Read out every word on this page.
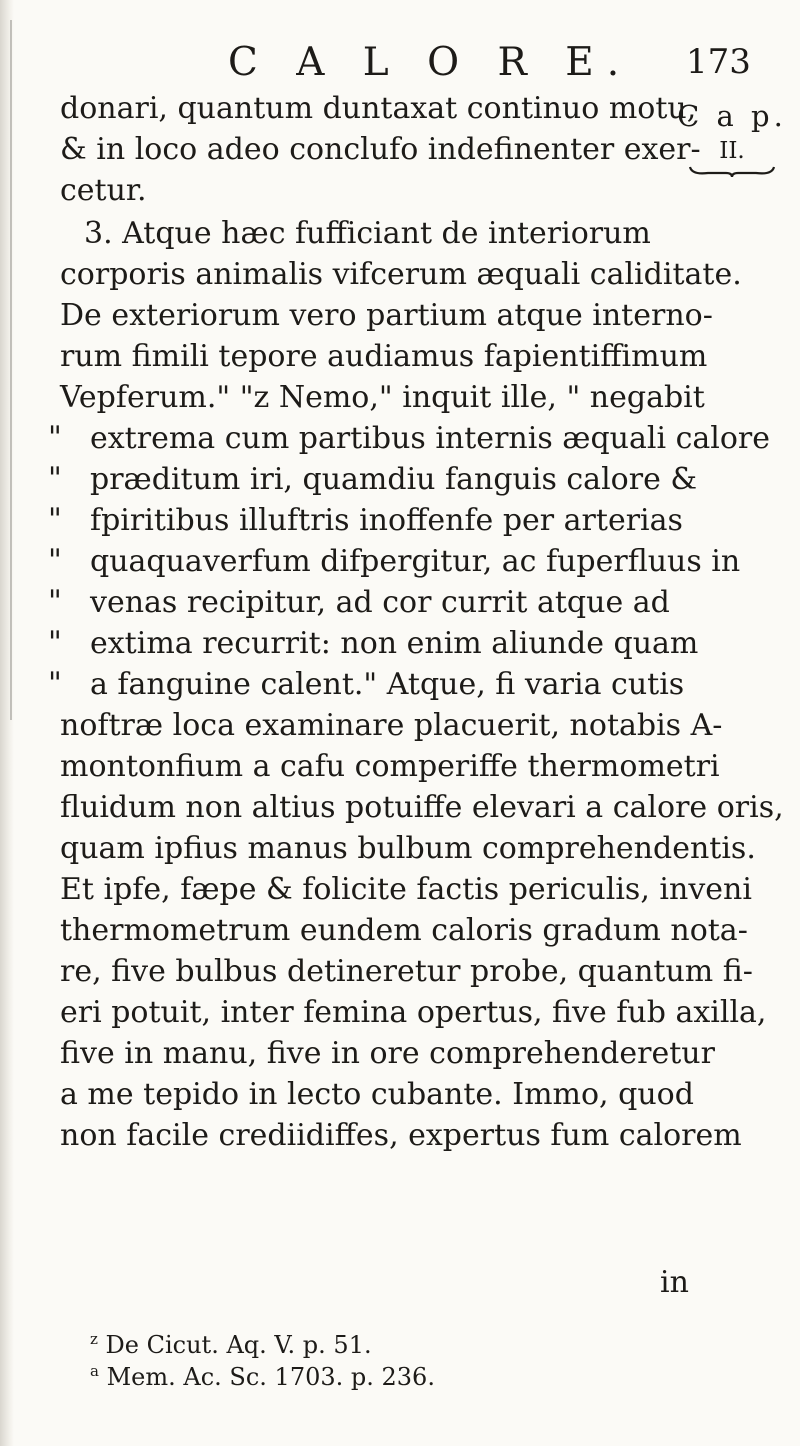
C A L O R E. 173
C a p.
II.
donari, quantum duntaxat continuo motu,
& in loco adeo conclufo indefinenter exer-
cetur.
3. Atque hæc fufficiant de interiorum
corporis animalis vifcerum æquali caliditate.
De exteriorum vero partium atque interno-
rum fimili tepore audiamus fapientiffimum
Vepferum." "z Nemo," inquit ille, " negabit
" extrema cum partibus internis æquali calore
" præditum iri, quamdiu fanguis calore &
" fpiritibus illuftris inoffenfe per arterias
" quaquaverfum difpergitur, ac fuperfluus in
" venas recipitur, ad cor currit atque ad
" extima recurrit: non enim aliunde quam
" a fanguine calent." Atque, fi varia cutis
noftræ loca examinare placuerit, notabis A-
montonfium a cafu comperiffe thermometri
fluidum non altius potuiffe elevari a calore oris,
quam ipfius manus bulbum comprehendentis.
Et ipfe, fæpe & folicite factis periculis, inveni
thermometrum eundem caloris gradum nota-
re, five bulbus detineretur probe, quantum fi-
eri potuit, inter femina opertus, five fub axilla,
five in manu, five in ore comprehenderetur
a me tepido in lecto cubante. Immo, quod
non facile crediidiffes, expertus fum calorem
in
$^z$ De Cicut. Aq. V. p. 51.
$^a$ Mem. Ac. Sc. 1703. p. 236.
